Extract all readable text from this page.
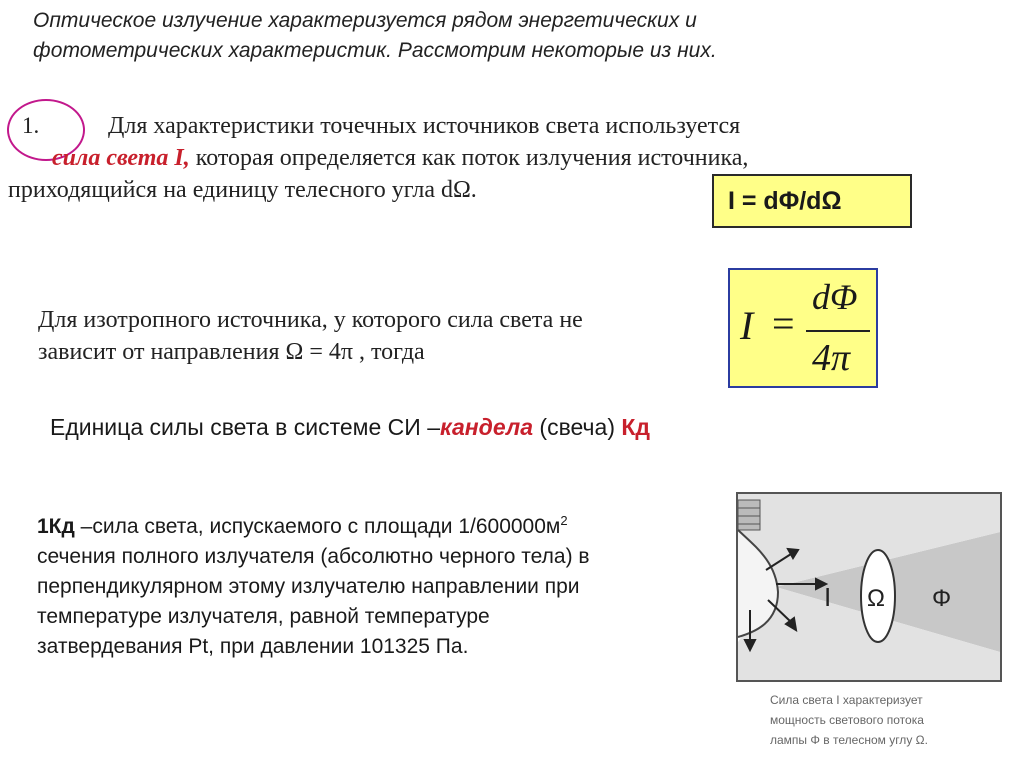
Оптическое излучение характеризуется рядом энергетических и
фотометрических характеристик. Рассмотрим некоторые из них.
1.	Для характеристики точечных источников света используется
сила света I, которая определяется как поток излучения источника,
приходящийся на единицу телесного угла dΩ.	I = dΦ/dΩ
Для изотропного источника, у которого сила света не
зависит от направления Ω = 4π , тогда
I =
dΦ
4π
Единица силы света в системе СИ –кандела (свеча) Кд
1Кд –сила света, испускаемого с площади $1/600000м^2$
сечения полного излучателя (абсолютно черного тела) в
перпендикулярном этому излучателю направлении при
температуре излучателя, равной температуре
затвердевания Pt, при давлении 101325 Па.
I Ω Φ
Сила света I характеризует
мощность светового потока
лампы Φ в телесном углу Ω.
